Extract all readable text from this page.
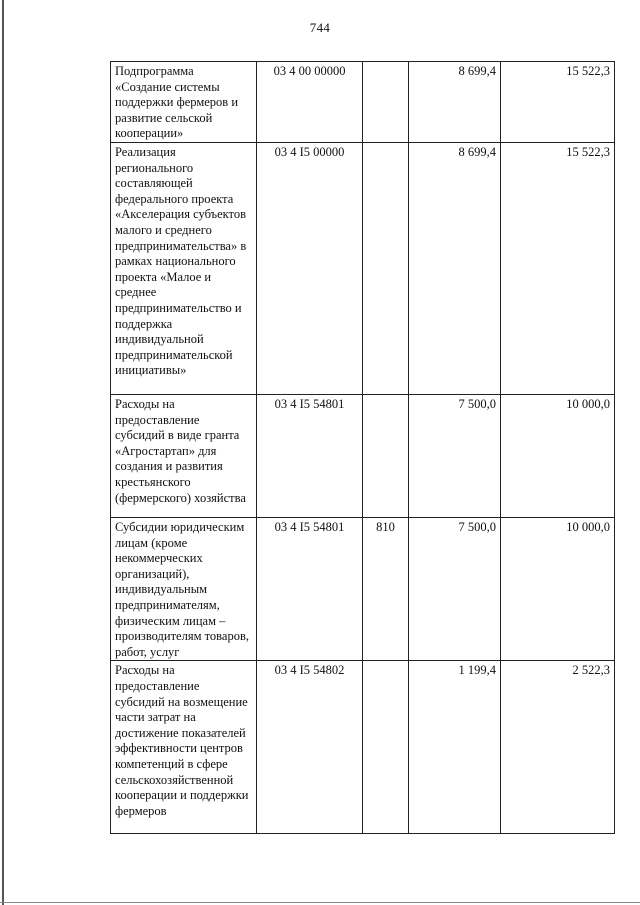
744
Подпрограмма «Создание системы поддержки фермеров и развитие сельской кооперации»	03 4 00 00000		8 699,4	15 522,3
Реализация регионального составляющей федерального проекта «Акселерация субъектов малого и среднего предпринимательства» в рамках национального проекта «Малое и среднее предпринимательство и поддержка индивидуальной предпринимательской инициативы»	03 4 I5 00000		8 699,4	15 522,3
Расходы на предоставление субсидий в виде гранта «Агростартап» для создания и развития крестьянского (фермерского) хозяйства	03 4 I5 54801		7 500,0	10 000,0
Субсидии юридическим лицам (кроме некоммерческих организаций), индивидуальным предпринимателям, физическим лицам – производителям товаров, работ, услуг	03 4 I5 54801	810	7 500,0	10 000,0
Расходы на предоставление субсидий на возмещение части затрат на достижение показателей эффективности центров компетенций в сфере сельскохозяйственной кооперации и поддержки фермеров	03 4 I5 54802		1 199,4	2 522,3
